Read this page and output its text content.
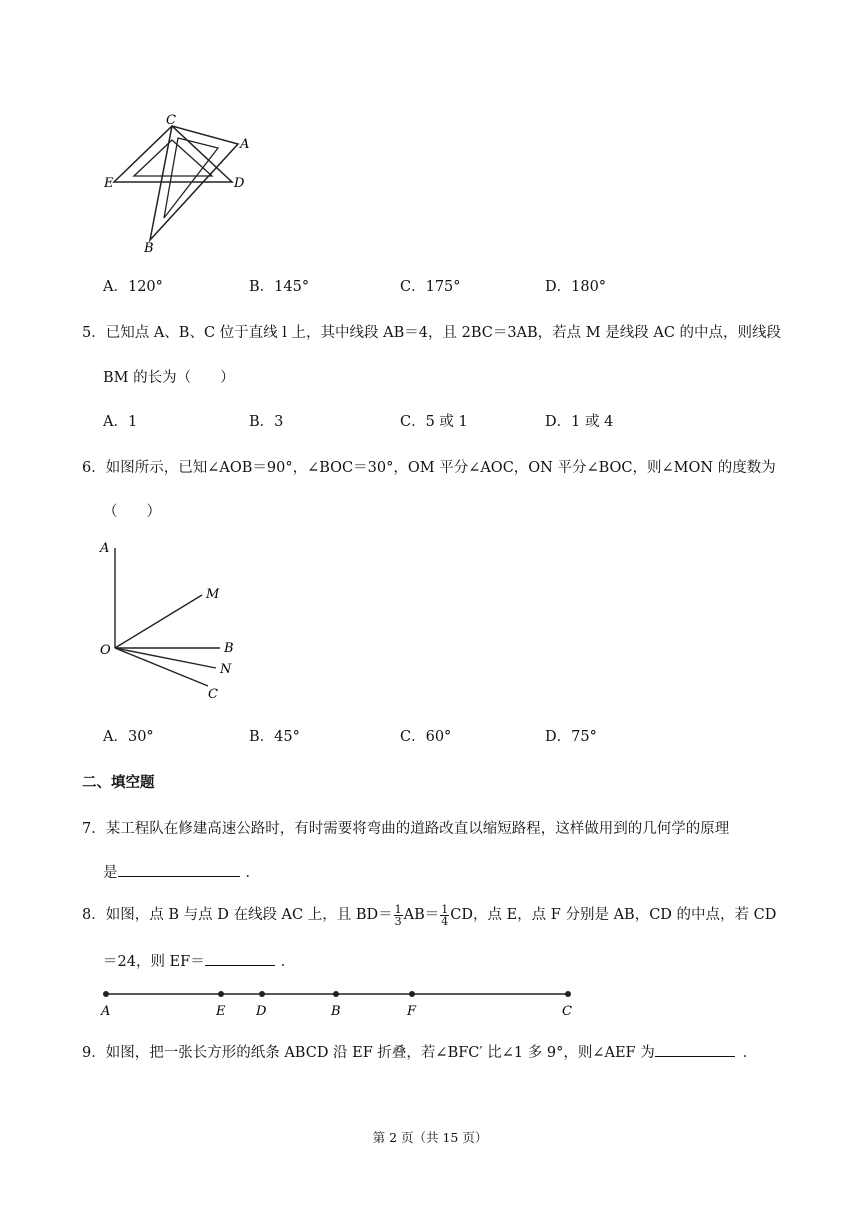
C
A
E	D
B
A．120°	B．145°	C．175°	D．180°
5．已知点 A、B、C 位于直线 l 上，其中线段 AB＝4，且 2BC＝3AB，若点 M 是线段 AC 的中点，则线段
BM 的长为（　　）
A．1	B．3	C．5 或 1	D．1 或 4
6．如图所示，已知∠AOB＝90°，∠BOC＝30°，OM 平分∠AOC，ON 平分∠BOC，则∠MON 的度数为
（　　）
A
M
O	B
N
C
A．30°	B．45°	C．60°	D．75°
二、填空题
7．某工程队在修建高速公路时，有时需要将弯曲的道路改直以缩短路程，这样做用到的几何学的原理
是	．
8．如图，点 B 与点 D 在线段 AC 上，且 $BD= \frac{1}{3} AB= \frac{1}{4}$ CD，点 E，点 F 分别是 AB，CD 的中点，若 CD
＝24，则 EF＝	．
A	E D	B	F	C
9．如图，把一张长方形的纸条 ABCD 沿 EF 折叠，若∠BFC′ 比∠1 多 9°，则∠AEF 为	．
第 2 页（共 15 页）
